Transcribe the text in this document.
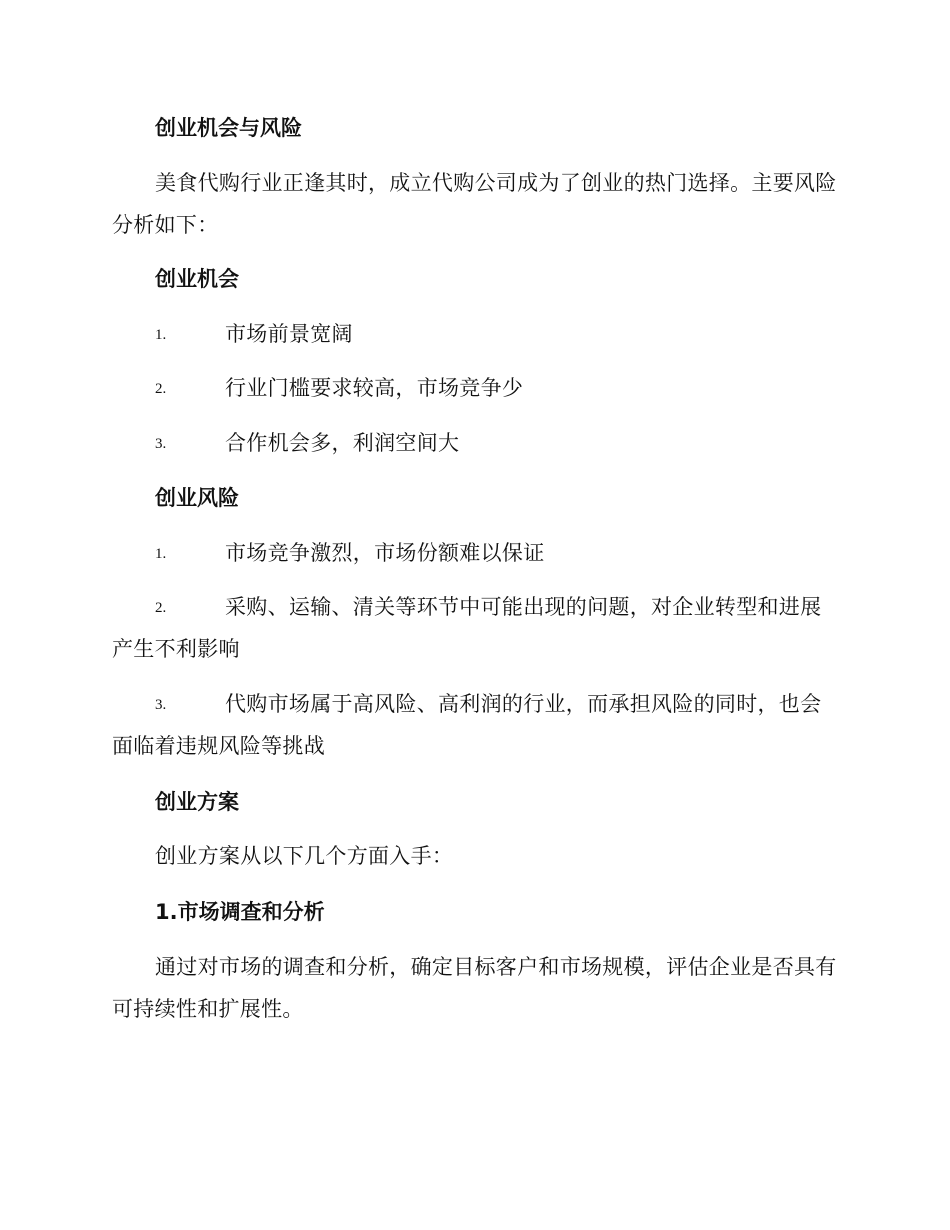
创业机会与风险
美食代购行业正逢其时，成立代购公司成为了创业的热门选择。主要风险分析如下：
创业机会
1.	市场前景宽阔
2.	行业门槛要求较高，市场竞争少
3.	合作机会多，利润空间大
创业风险
1.	市场竞争激烈，市场份额难以保证
2.	采购、运输、清关等环节中可能出现的问题，对企业转型和进展产生不利影响
3.	代购市场属于高风险、高利润的行业，而承担风险的同时，也会面临着违规风险等挑战
创业方案
创业方案从以下几个方面入手：
1.市场调查和分析
通过对市场的调查和分析，确定目标客户和市场规模，评估企业是否具有可持续性和扩展性。
